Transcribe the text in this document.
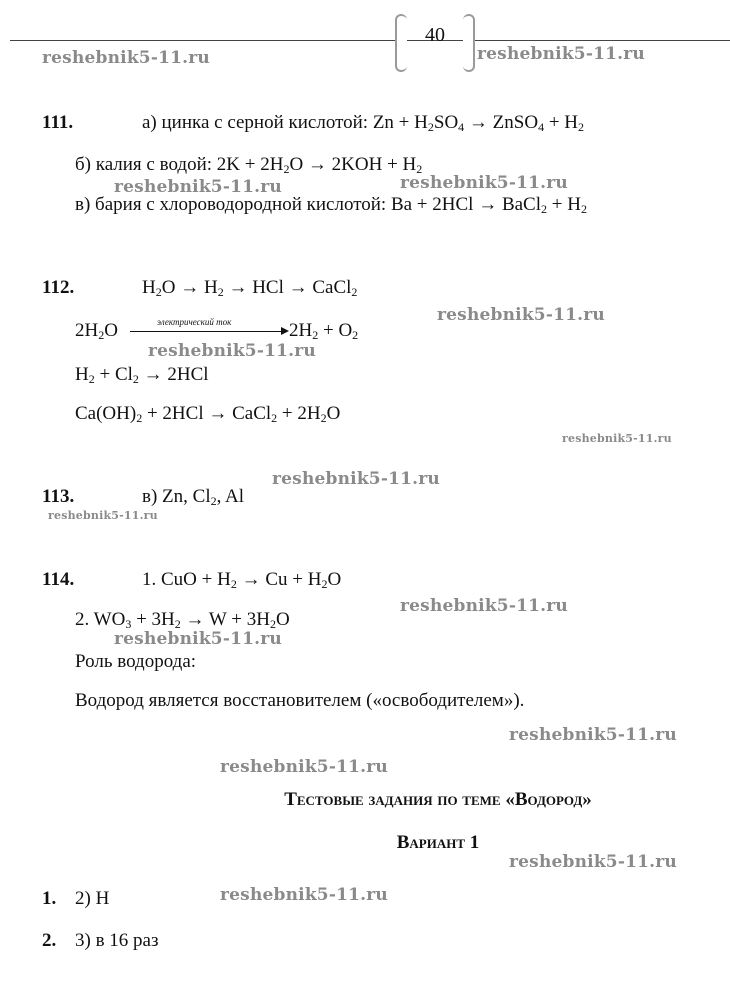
40
reshebnik5-11.ru	reshebnik5-11.ru
reshebnik5-11.ru	reshebnik5-11.ru
reshebnik5-11.ru
reshebnik5-11.ru
reshebnik5-11.ru
reshebnik5-11.ru
reshebnik5-11.ru
reshebnik5-11.ru
reshebnik5-11.ru
reshebnik5-11.ru
reshebnik5-11.ru
reshebnik5-11.ru
reshebnik5-11.ru
111.	а) цинка с серной кислотой: $Zn + H_2SO_4$ → ZnSO$_4$ + $H_2$
б) калия с водой: $2K + 2H_2O \to 2KOH + H_2$
в) бария с хлороводородной кислотой: Ba + 2HCl → BaCl$_2$ + $H_2$
112.	$H_2O \to H_2$ → HCl → CaCl$_2$
$2H_2O$	электрический ток	$2H_2 + O_2$
$H_2 + Cl_2 \to 2HCl$
$Ca(OH)_2 + 2HCl$ → CaCl$_2$ + $2H_2O$
113.	в) Zn, $Cl_2$, Al
114.	1. CuO + $H_2 \to Cu + H_2O$
2. $WO_3 + 3H_2 \to W + 3H_2O$
Роль водорода:
Водород является восстановителем («освободителем»).
Тестовые задания по теме «Водород»
Вариант 1
1. 2) H
2. 3) в 16 раз
